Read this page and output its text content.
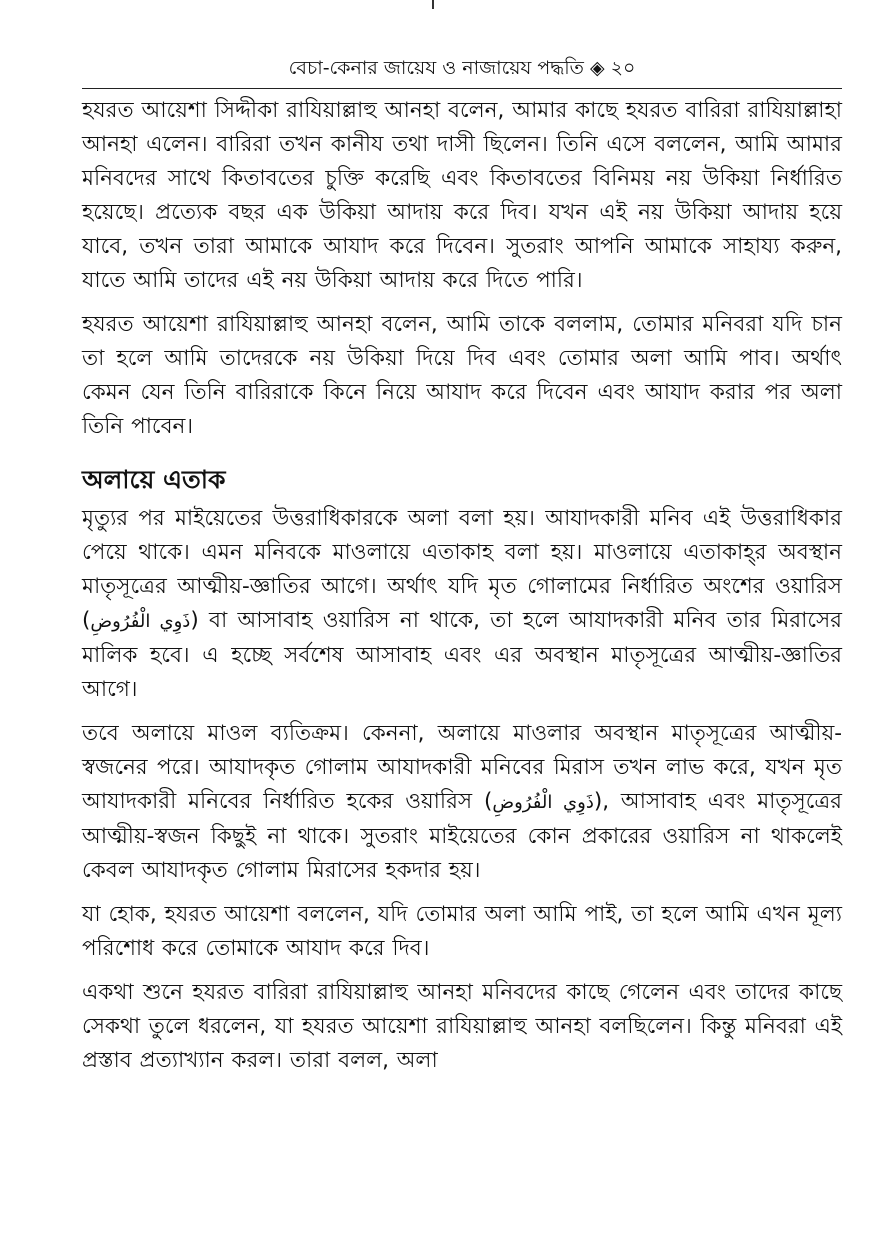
বেচা-কেনার জায়েয ও নাজায়েয পদ্ধতি ◈ ২০

হযরত আয়েশা সিদ্দীকা রাযিয়াল্লাহু আনহা বলেন, আমার কাছে হযরত বারিরা রাযিয়াল্লাহা আনহা এলেন। বারিরা তখন কানীয তথা দাসী ছিলেন। তিনি এসে বললেন, আমি আমার মনিবদের সাথে কিতাবতের চুক্তি করেছি এবং কিতাবতের বিনিময় নয় উকিয়া নির্ধারিত হয়েছে। প্রত্যেক বছর এক উকিয়া আদায় করে দিব। যখন এই নয় উকিয়া আদায় হয়ে যাবে, তখন তারা আমাকে আযাদ করে দিবেন। সুতরাং আপনি আমাকে সাহায্য করুন, যাতে আমি তাদের এই নয় উকিয়া আদায় করে দিতে পারি।

হযরত আয়েশা রাযিয়াল্লাহু আনহা বলেন, আমি তাকে বললাম, তোমার মনিবরা যদি চান তা হলে আমি তাদেরকে নয় উকিয়া দিয়ে দিব এবং তোমার অলা আমি পাব। অর্থাৎ কেমন যেন তিনি বারিরাকে কিনে নিয়ে আযাদ করে দিবেন এবং আযাদ করার পর অলা তিনি পাবেন।

অলায়ে এতাক

মৃত্যুর পর মাইয়েতের উত্তরাধিকারকে অলা বলা হয়। আযাদকারী মনিব এই উত্তরাধিকার পেয়ে থাকে। এমন মনিবকে মাওলায়ে এতাকাহ বলা হয়। মাওলায়ে এতাকাহ্‌র অবস্থান মাতৃসূত্রের আত্মীয়-জ্ঞাতির আগে। অর্থাৎ যদি মৃত গোলামের নির্ধারিত অংশের ওয়ারিস (ذَوِي الْفُرُوضِ) বা আসাবাহ ওয়ারিস না থাকে, তা হলে আযাদকারী মনিব তার মিরাসের মালিক হবে। এ হচ্ছে সর্বশেষ আসাবাহ এবং এর অবস্থান মাতৃসূত্রের আত্মীয়-জ্ঞাতির আগে।

তবে অলায়ে মাওল ব্যতিক্রম। কেননা, অলায়ে মাওলার অবস্থান মাতৃসূত্রের আত্মীয়-স্বজনের পরে। আযাদকৃত গোলাম আযাদকারী মনিবের মিরাস তখন লাভ করে, যখন মৃত আযাদকারী মনিবের নির্ধারিত হকের ওয়ারিস (ذَوِي الْفُرُوضِ), আসাবাহ এবং মাতৃসূত্রের আত্মীয়-স্বজন কিছুই না থাকে। সুতরাং মাইয়েতের কোন প্রকারের ওয়ারিস না থাকলেই কেবল আযাদকৃত গোলাম মিরাসের হকদার হয়।

যা হোক, হযরত আয়েশা বললেন, যদি তোমার অলা আমি পাই, তা হলে আমি এখন মূল্য পরিশোধ করে তোমাকে আযাদ করে দিব।

একথা শুনে হযরত বারিরা রাযিয়াল্লাহু আনহা মনিবদের কাছে গেলেন এবং তাদের কাছে সেকথা তুলে ধরলেন, যা হযরত আয়েশা রাযিয়াল্লাহু আনহা বলছিলেন। কিন্তু মনিবরা এই প্রস্তাব প্রত্যাখ্যান করল। তারা বলল, অলা
